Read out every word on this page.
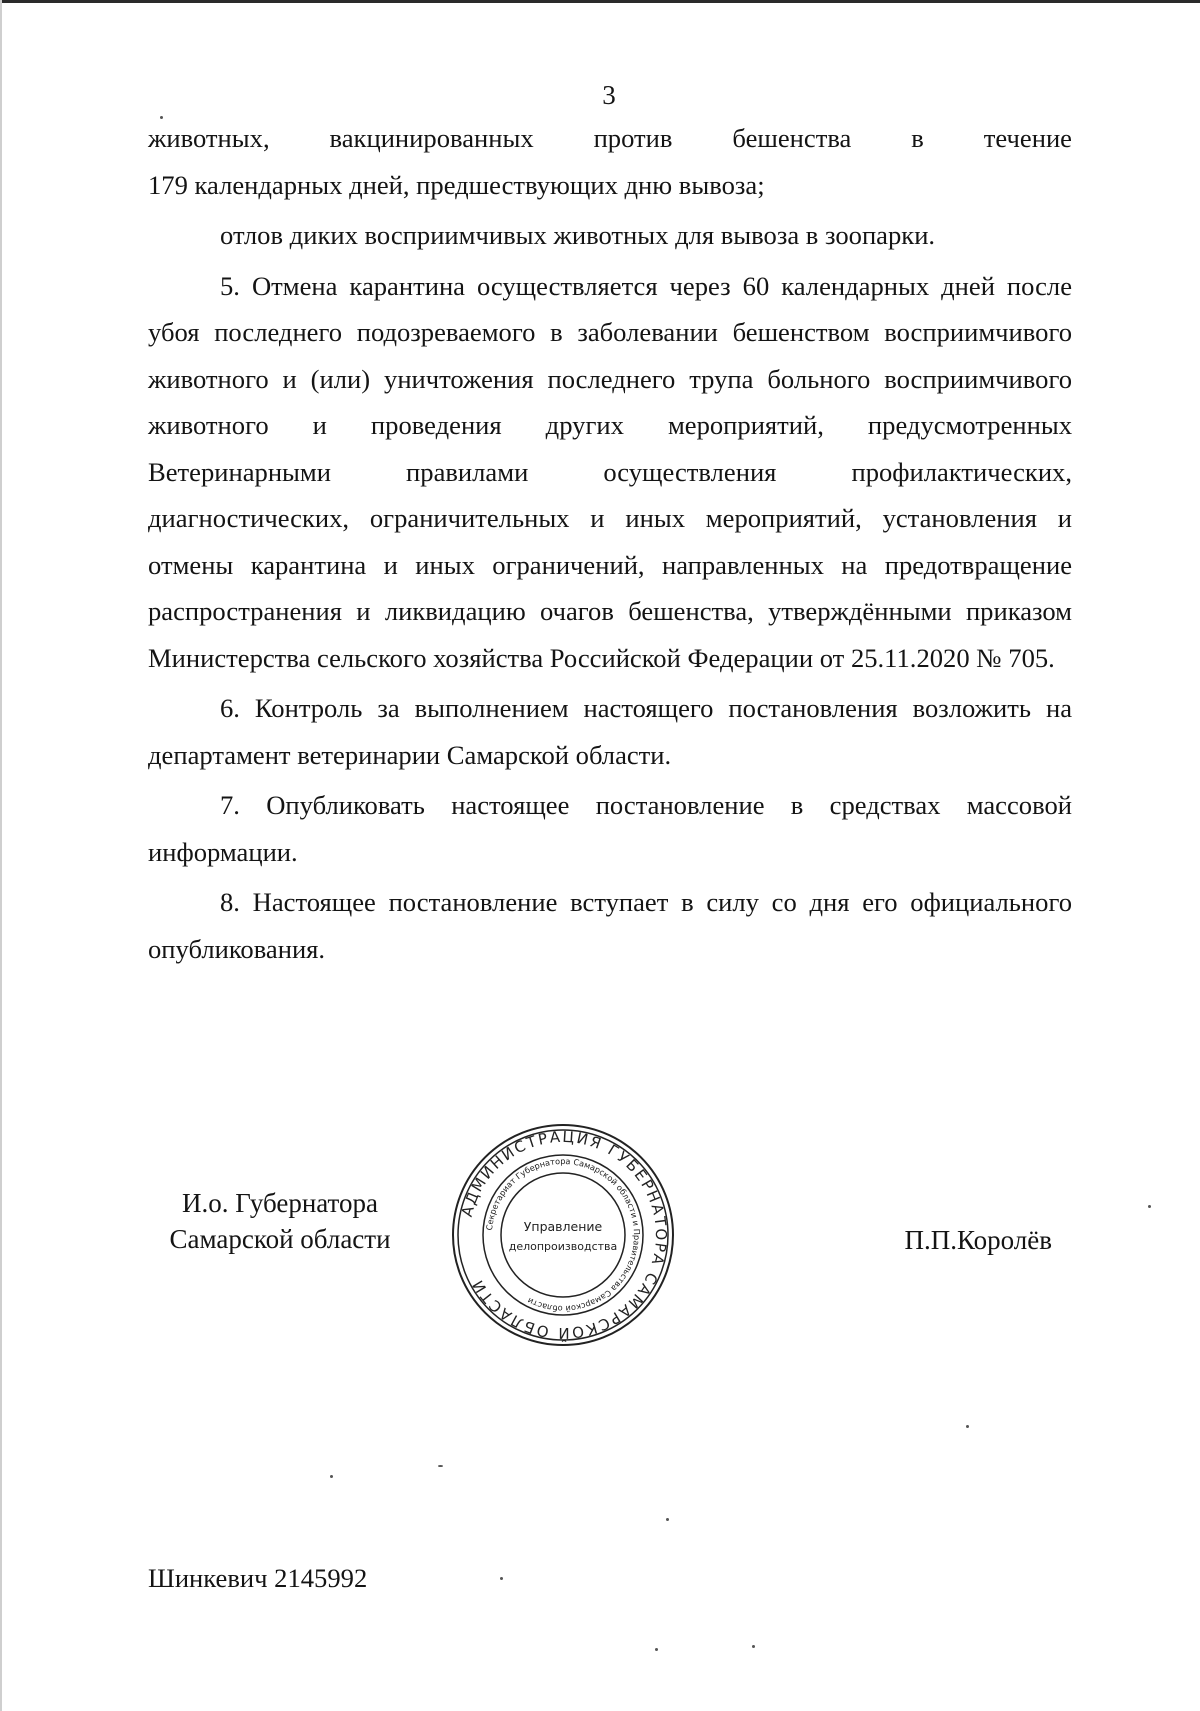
3

животных, вакцинированных против бешенства в течение

179 календарных дней, предшествующих дню вывоза;

отлов диких восприимчивых животных для вывоза в зоопарки.

5. Отмена карантина осуществляется через 60 календарных дней после убоя последнего подозреваемого в заболевании бешенством восприимчивого животного и (или) уничтожения последнего трупа больного восприимчивого животного и проведения других мероприятий, предусмотренных Ветеринарными правилами осуществления профилактических, диагностических, ограничительных и иных мероприятий, установления и отмены карантина и иных ограничений, направленных на предотвращение распространения и ликвидацию очагов бешенства, утверждёнными приказом Министерства сельского хозяйства Российской Федерации от 25.11.2020 № 705.

6. Контроль за выполнением настоящего постановления возложить на департамент ветеринарии Самарской области.

7. Опубликовать настоящее постановление в средствах массовой информации.

8. Настоящее постановление вступает в силу со дня его официального опубликования.

И.о. Губернатора
Самарской области
АДМИНИСТРАЦИЯ ГУБЕРНАТОРА САМАРСКОЙ ОБЛАСТИ
Секретариат Губернатора Самарской области и Правительства Самарской области
Управление
делопроизводства	П.П.Королёв
Шинкевич 2145992
